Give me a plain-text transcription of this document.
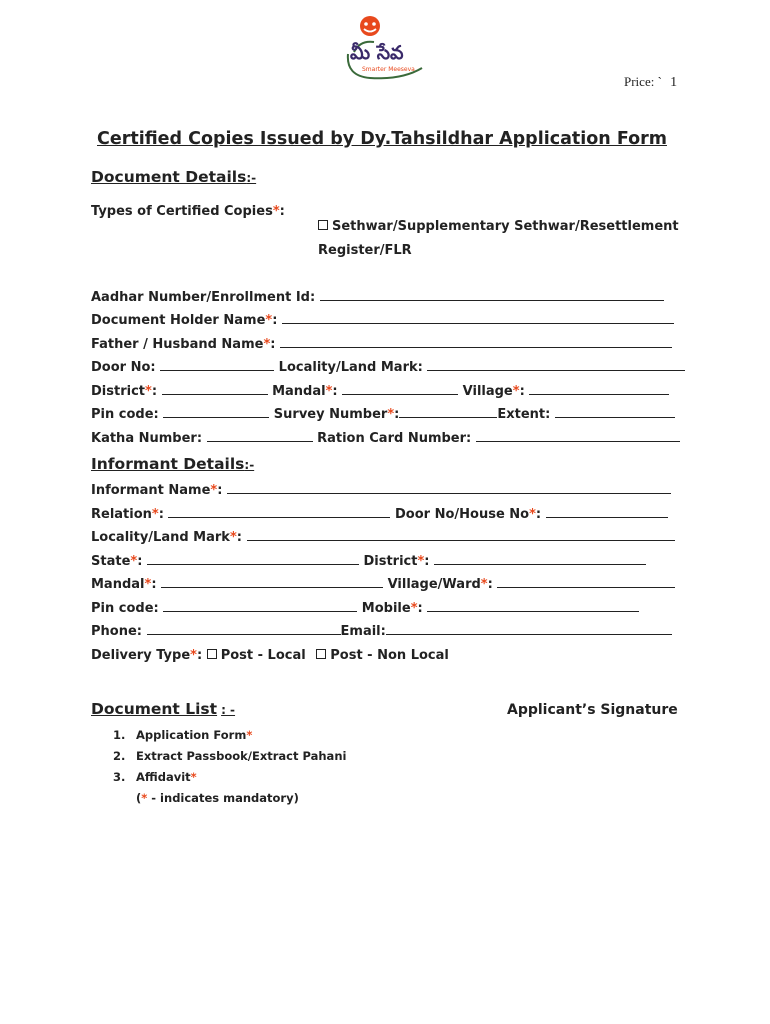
మీ సేవ
Smarter Meeseva
Price: ` 1
Certified Copies Issued by Dy.Tahsildhar Application Form
Document Details:-
Types of Certified Copies*:
Sethwar/Supplementary Sethwar/Resettlement
Register/FLR
Aadhar Number/Enrollment Id:
Document Holder Name*:
Father / Husband Name*:
Door No:	Locality/Land Mark:
District*:	Mandal*:	Village*:
Pin code:	Survey Number*:	Extent:
Katha Number:	Ration Card Number:
Informant Details:-
Informant Name*:
Relation*:	Door No/House No*:
Locality/Land Mark*:
State*:	District*:
Mandal*:	Village/Ward*:
Pin code:	Mobile*:
Phone:	Email:
Delivery Type*: Post - Local Post - Non Local
Document List : -	Applicant’s Signature
1. Application Form*
2. Extract Passbook/Extract Pahani
3. Affidavit*
(* - indicates mandatory)
